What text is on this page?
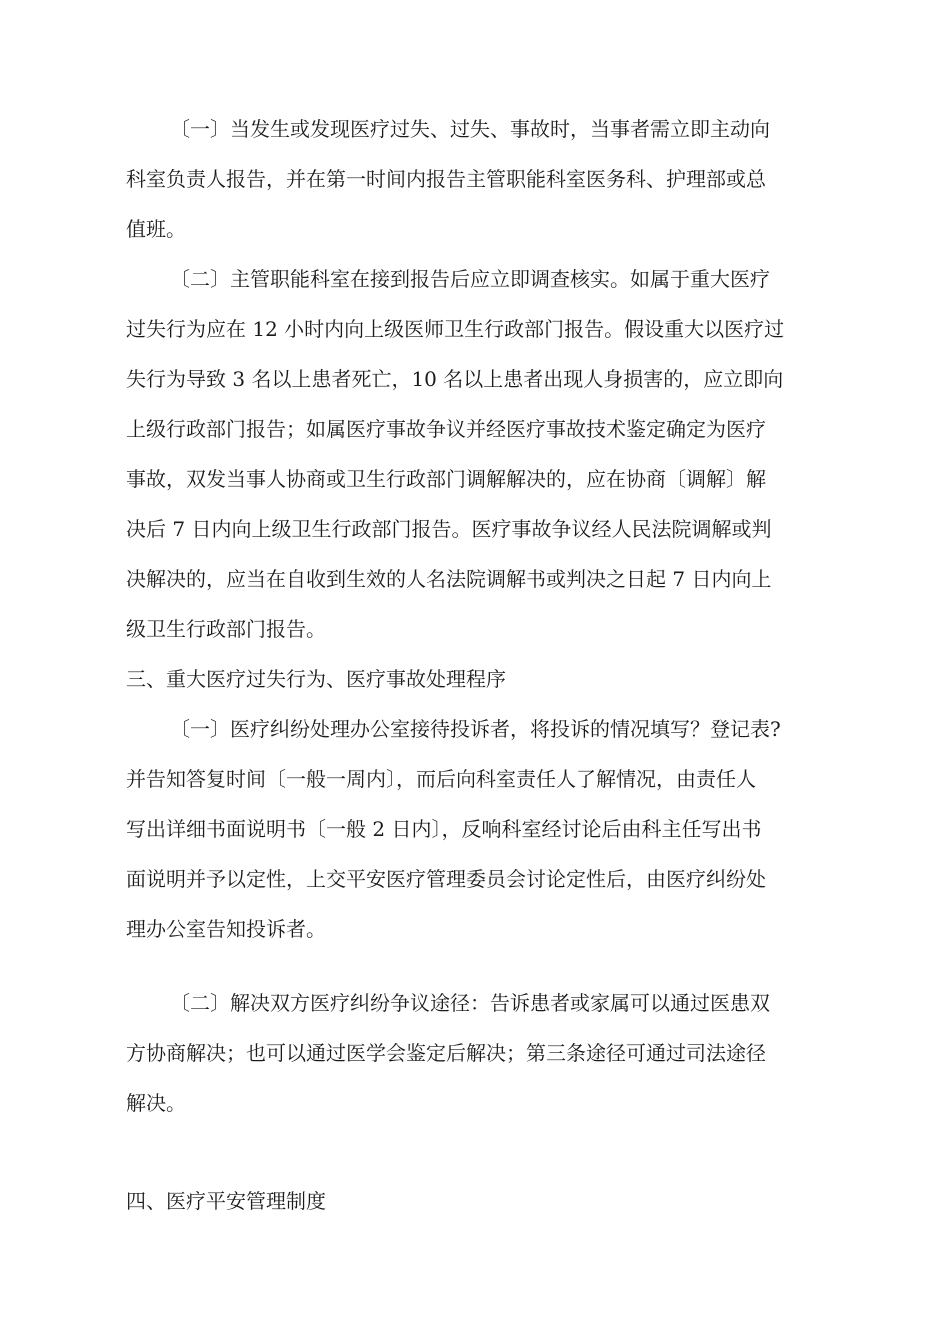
〔一〕当发生或发现医疗过失、过失、事故时，当事者需立即主动向
科室负责人报告，并在第一时间内报告主管职能科室医务科、护理部或总
值班。
〔二〕主管职能科室在接到报告后应立即调查核实。如属于重大医疗
过失行为应在 12 小时内向上级医师卫生行政部门报告。假设重大以医疗过
失行为导致 3 名以上患者死亡，10 名以上患者出现人身损害的，应立即向
上级行政部门报告；如属医疗事故争议并经医疗事故技术鉴定确定为医疗
事故，双发当事人协商或卫生行政部门调解解决的，应在协商〔调解〕解
决后 7 日内向上级卫生行政部门报告。医疗事故争议经人民法院调解或判
决解决的，应当在自收到生效的人名法院调解书或判决之日起 7 日内向上
级卫生行政部门报告。
三、重大医疗过失行为、医疗事故处理程序
〔一〕医疗纠纷处理办公室接待投诉者，将投诉的情况填写？登记表?
并告知答复时间〔一般一周内〕，而后向科室责任人了解情况，由责任人
写出详细书面说明书〔一般 2 日内〕，反响科室经讨论后由科主任写出书
面说明并予以定性，上交平安医疗管理委员会讨论定性后，由医疗纠纷处
理办公室告知投诉者。
〔二〕解决双方医疗纠纷争议途径：告诉患者或家属可以通过医患双
方协商解决；也可以通过医学会鉴定后解决；第三条途径可通过司法途径
解决。
四、医疗平安管理制度
